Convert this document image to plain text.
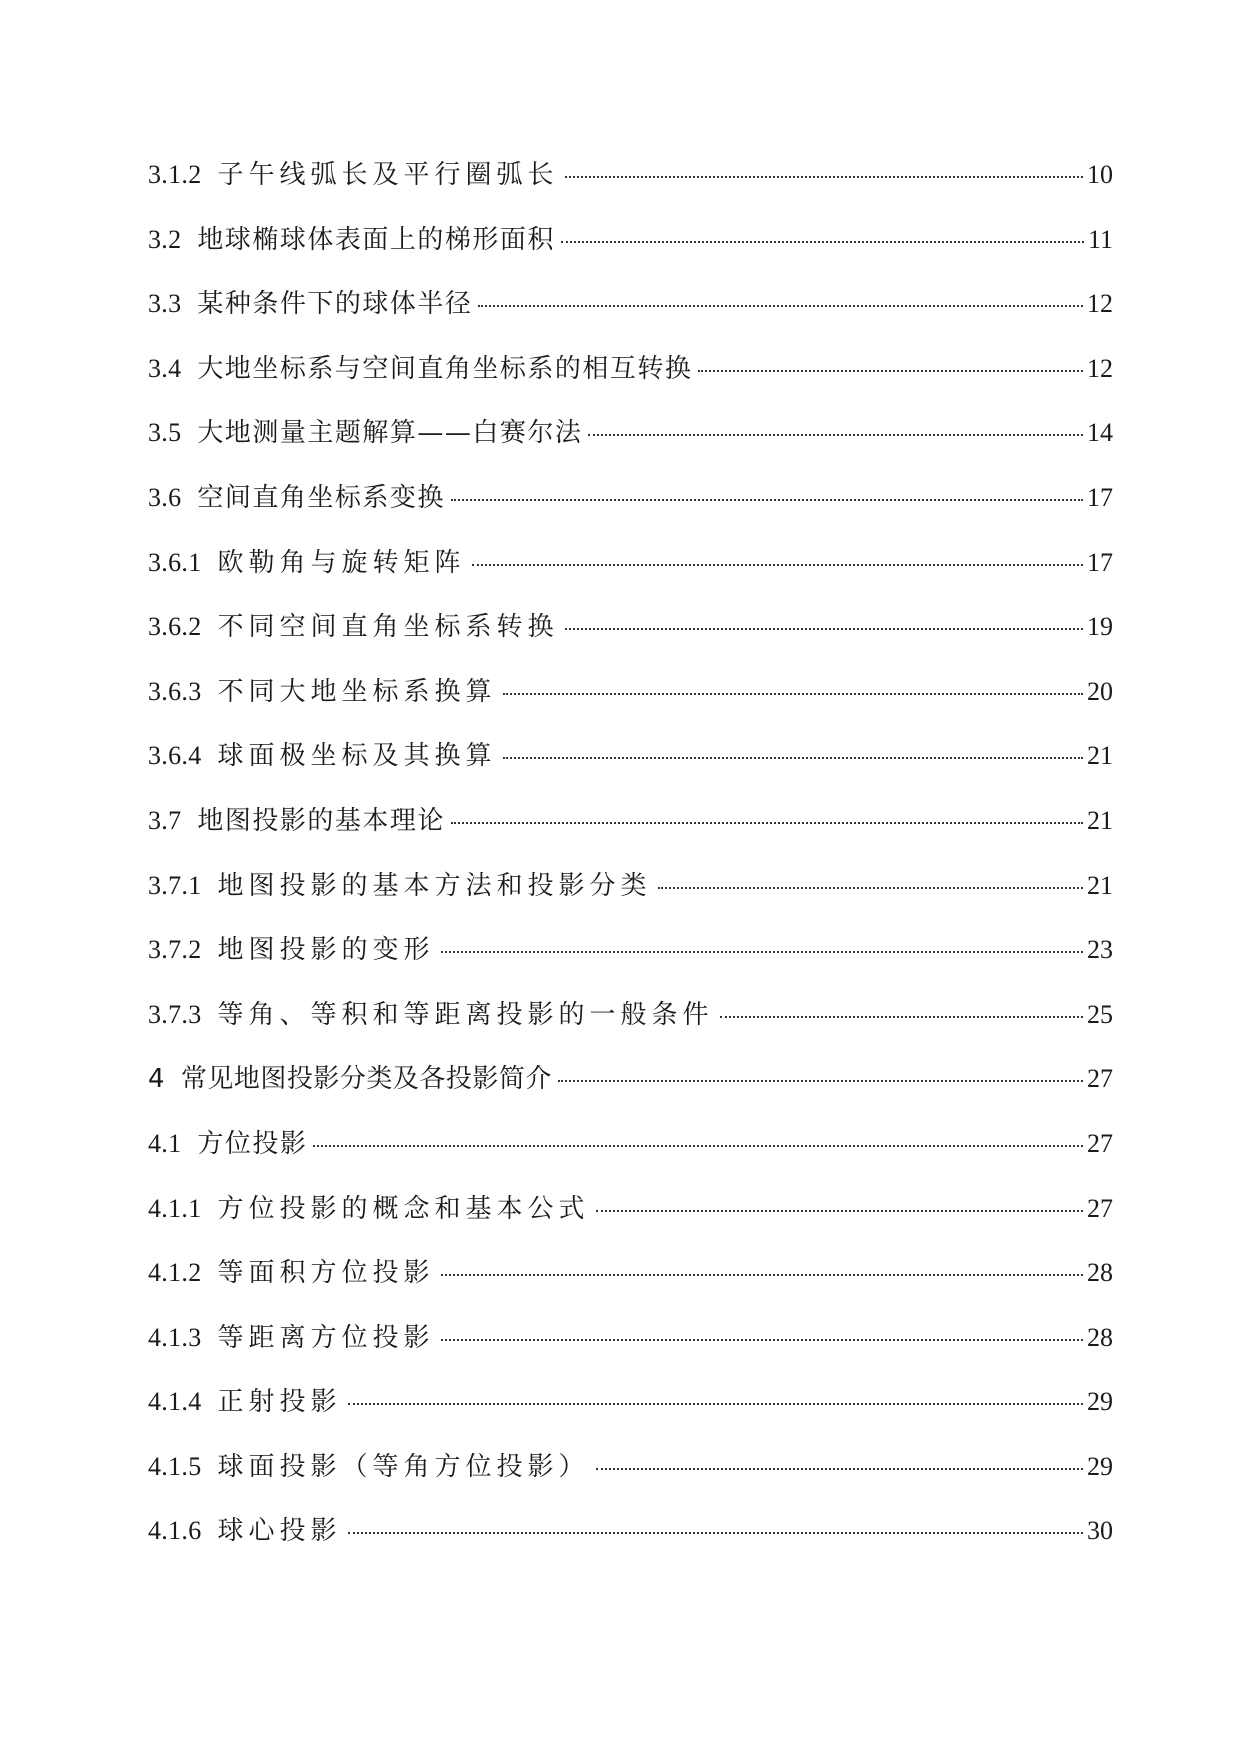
3.1.2 子午线弧长及平行圈弧长	10
3.2 地球椭球体表面上的梯形面积	11
3.3 某种条件下的球体半径	12
3.4 大地坐标系与空间直角坐标系的相互转换	12
3.5 大地测量主题解算——白赛尔法	14
3.6 空间直角坐标系变换	17
3.6.1 欧勒角与旋转矩阵	17
3.6.2 不同空间直角坐标系转换	19
3.6.3 不同大地坐标系换算	20
3.6.4 球面极坐标及其换算	21
3.7 地图投影的基本理论	21
3.7.1 地图投影的基本方法和投影分类	21
3.7.2 地图投影的变形	23
3.7.3 等角、等积和等距离投影的一般条件	25
4 常见地图投影分类及各投影简介	27
4.1 方位投影	27
4.1.1 方位投影的概念和基本公式	27
4.1.2 等面积方位投影	28
4.1.3 等距离方位投影	28
4.1.4 正射投影	29
4.1.5 球面投影（等角方位投影）	29
4.1.6 球心投影	30
